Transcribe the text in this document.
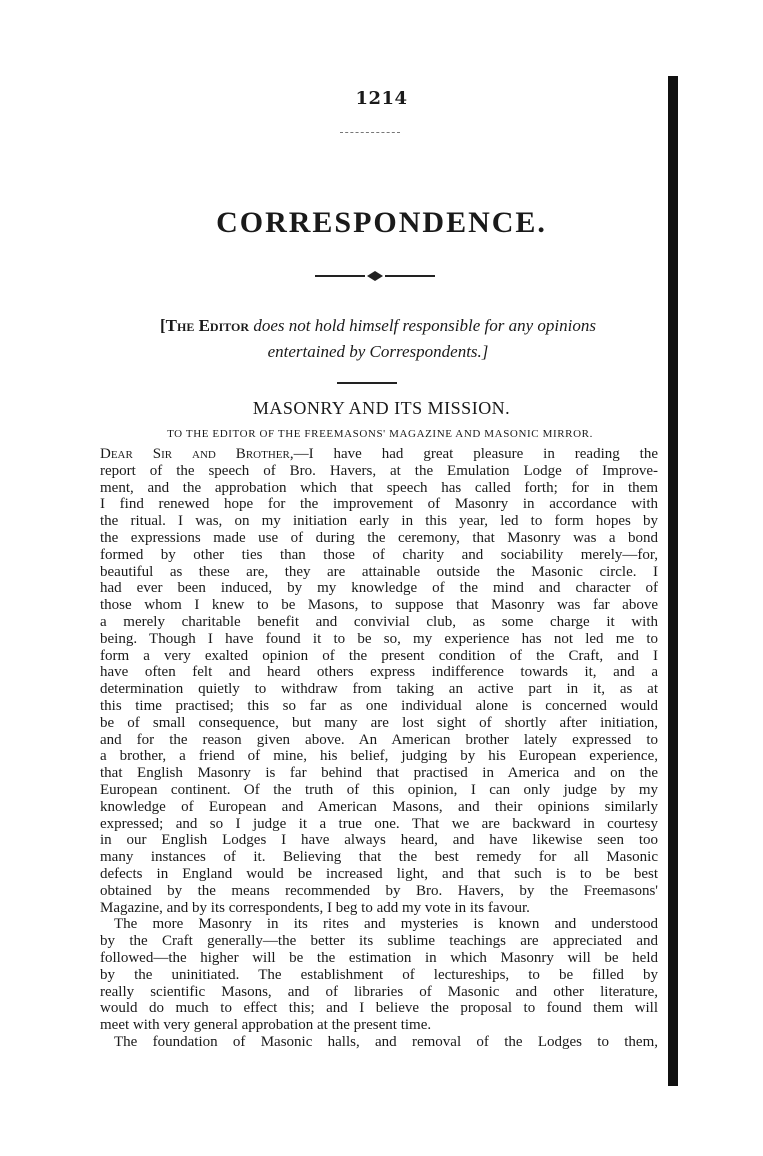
1214
CORRESPONDENCE.
[The Editor does not hold himself responsible for any opinions
entertained by Correspondents.]
MASONRY AND ITS MISSION.
TO THE EDITOR OF THE FREEMASONS' MAGAZINE AND MASONIC MIRROR.
Dear Sir and Brother,—I have had great pleasure in reading the
report of the speech of Bro. Havers, at the Emulation Lodge of Improve-
ment, and the approbation which that speech has called forth; for in them
I find renewed hope for the improvement of Masonry in accordance with
the ritual. I was, on my initiation early in this year, led to form hopes by
the expressions made use of during the ceremony, that Masonry was a bond
formed by other ties than those of charity and sociability merely—for,
beautiful as these are, they are attainable outside the Masonic circle. I
had ever been induced, by my knowledge of the mind and character of
those whom I knew to be Masons, to suppose that Masonry was far above
a merely charitable benefit and convivial club, as some charge it with
being. Though I have found it to be so, my experience has not led me to
form a very exalted opinion of the present condition of the Craft, and I
have often felt and heard others express indifference towards it, and a
determination quietly to withdraw from taking an active part in it, as at
this time practised; this so far as one individual alone is concerned would
be of small consequence, but many are lost sight of shortly after initiation,
and for the reason given above. An American brother lately expressed to
a brother, a friend of mine, his belief, judging by his European experience,
that English Masonry is far behind that practised in America and on the
European continent. Of the truth of this opinion, I can only judge by my
knowledge of European and American Masons, and their opinions similarly
expressed; and so I judge it a true one. That we are backward in courtesy
in our English Lodges I have always heard, and have likewise seen too
many instances of it. Believing that the best remedy for all Masonic
defects in England would be increased light, and that such is to be best
obtained by the means recommended by Bro. Havers, by the Freemasons'
Magazine, and by its correspondents, I beg to add my vote in its favour.
The more Masonry in its rites and mysteries is known and understood
by the Craft generally—the better its sublime teachings are appreciated and
followed—the higher will be the estimation in which Masonry will be held
by the uninitiated. The establishment of lectureships, to be filled by
really scientific Masons, and of libraries of Masonic and other literature,
would do much to effect this; and I believe the proposal to found them will
meet with very general approbation at the present time.
The foundation of Masonic halls, and removal of the Lodges to them,
